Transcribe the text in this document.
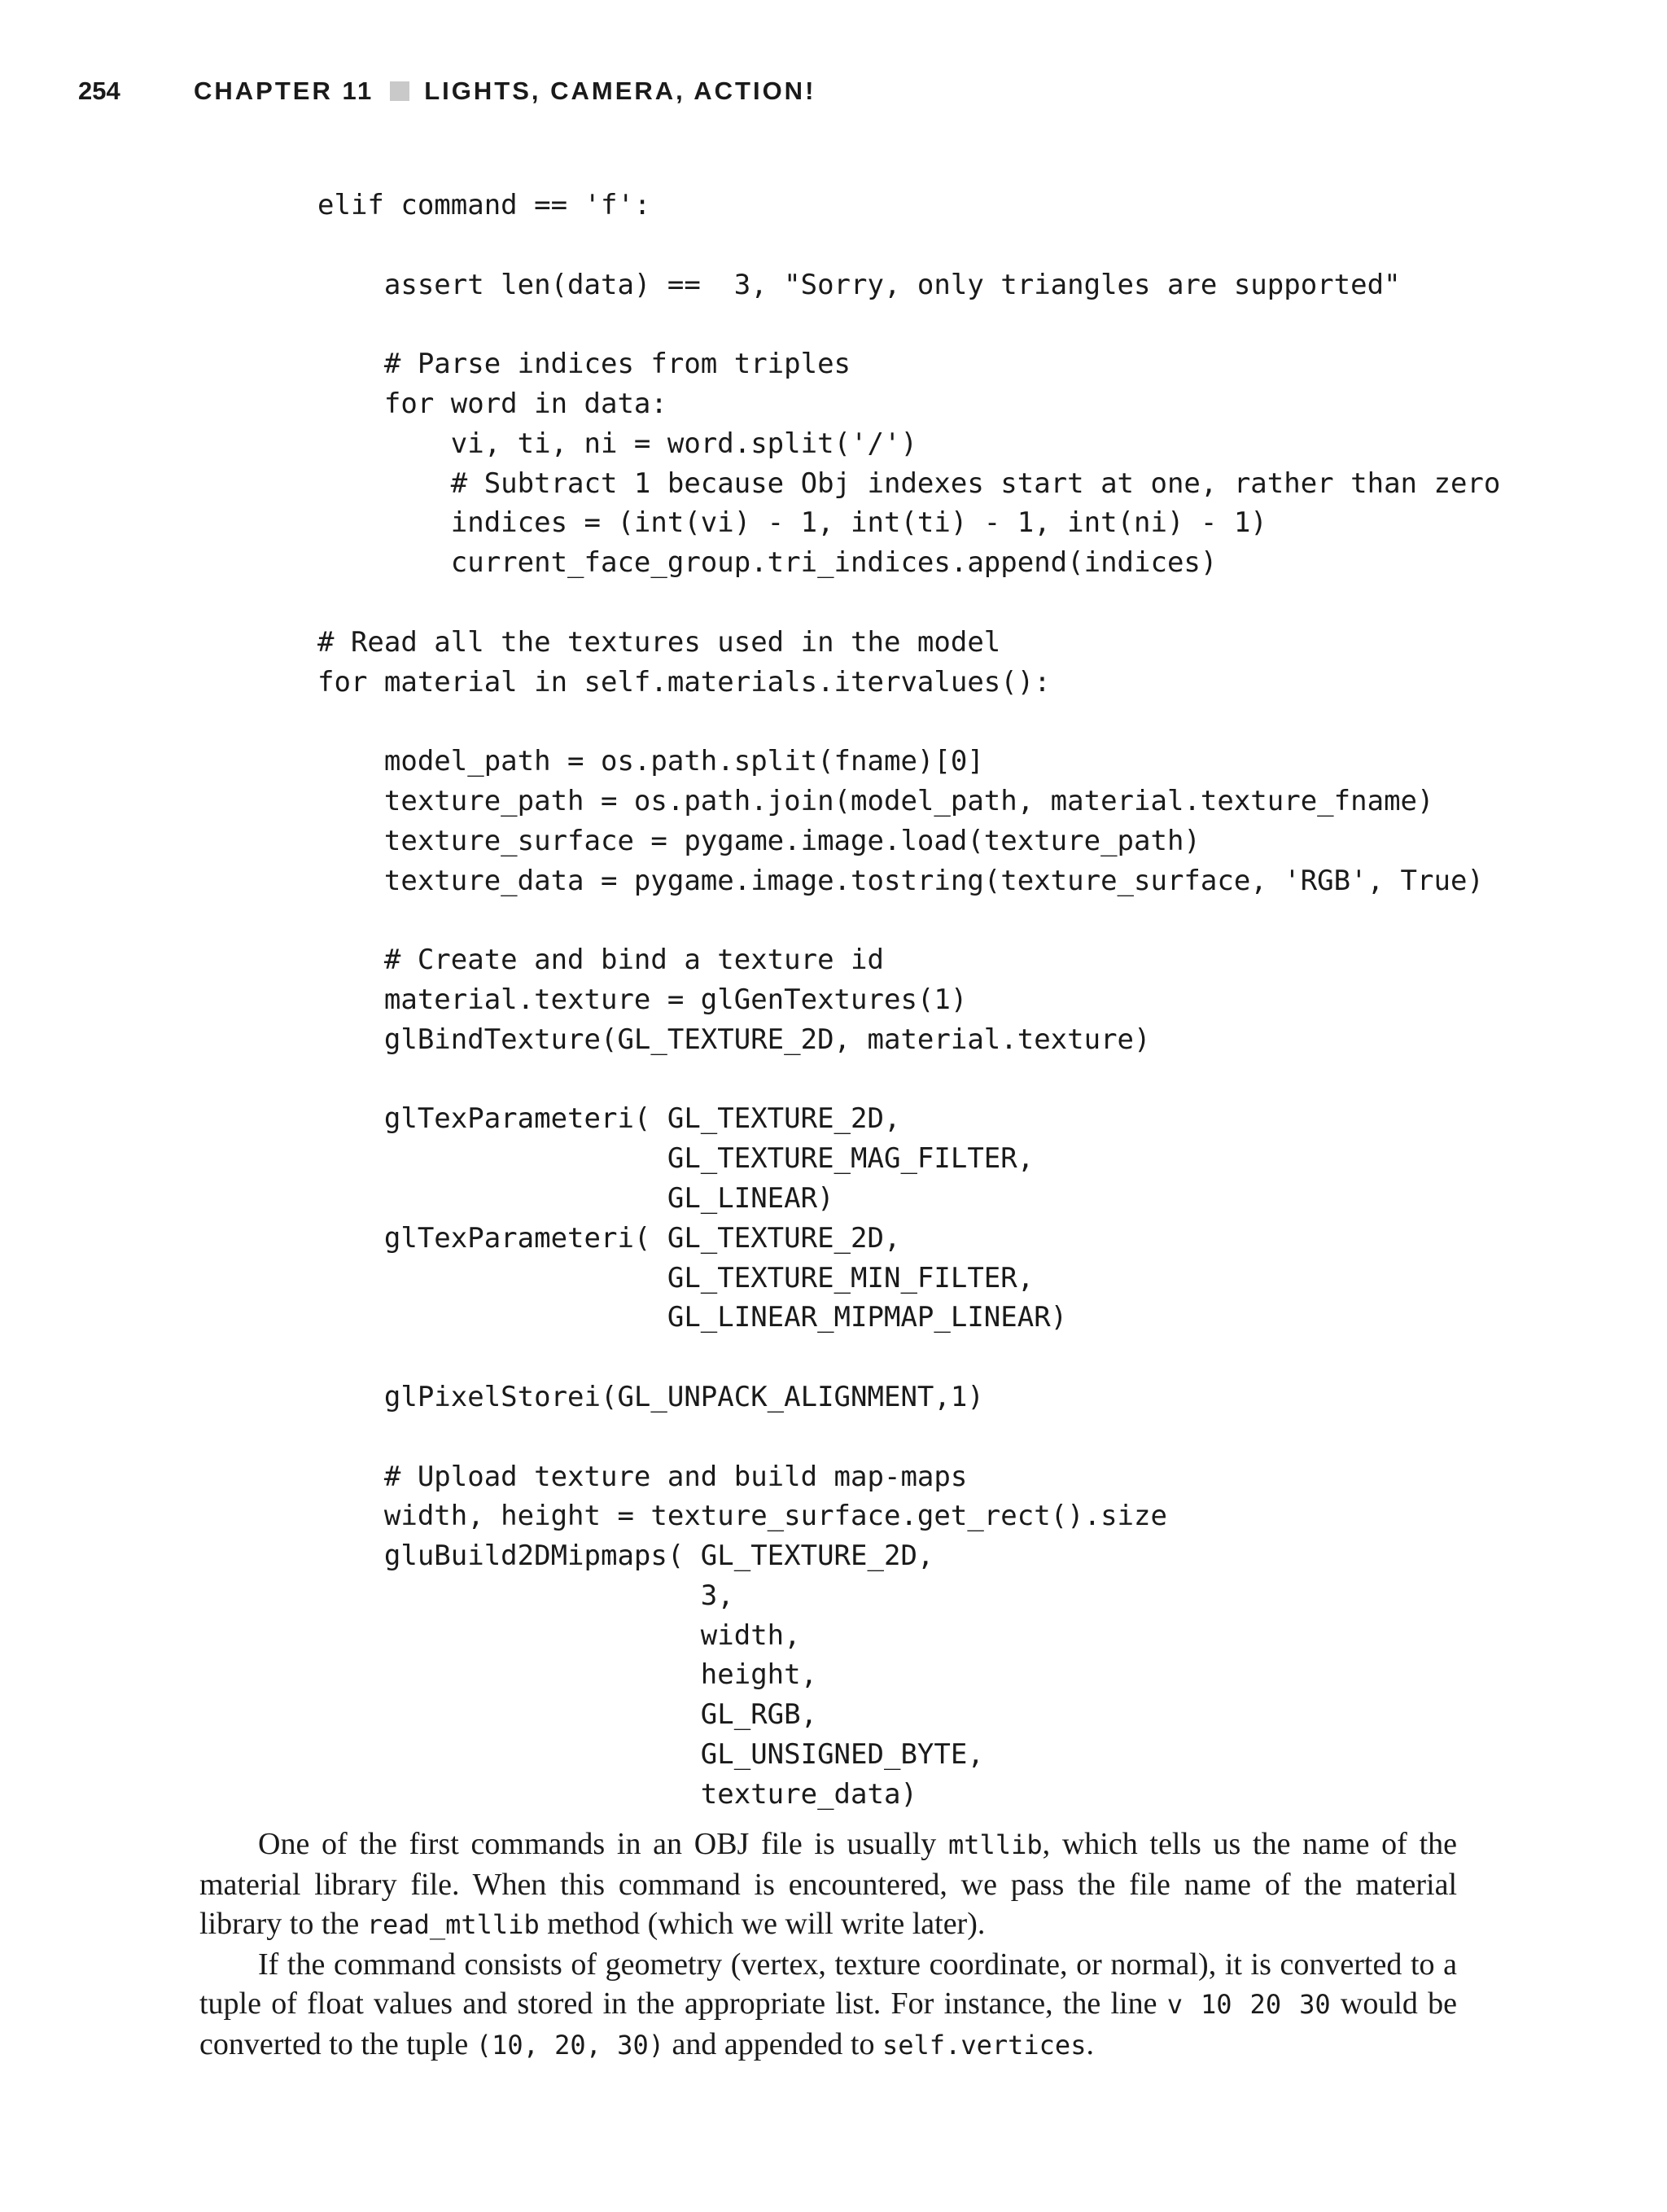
254	CHAPTER 11 LIGHTS, CAMERA, ACTION!
elif command == 'f':
assert len(data) ==  3, "Sorry, only triangles are supported"
# Parse indices from triples
for word in data:
vi, ti, ni = word.split('/')
# Subtract 1 because Obj indexes start at one, rather than zero
indices = (int(vi) - 1, int(ti) - 1, int(ni) - 1)
current_face_group.tri_indices.append(indices)
# Read all the textures used in the model
for material in self.materials.itervalues():
model_path = os.path.split(fname)[0]
texture_path = os.path.join(model_path, material.texture_fname)
texture_surface = pygame.image.load(texture_path)
texture_data = pygame.image.tostring(texture_surface, 'RGB', True)
# Create and bind a texture id
material.texture = glGenTextures(1)
glBindTexture(GL_TEXTURE_2D, material.texture)
glTexParameteri( GL_TEXTURE_2D,
GL_TEXTURE_MAG_FILTER,
GL_LINEAR)
glTexParameteri( GL_TEXTURE_2D,
GL_TEXTURE_MIN_FILTER,
GL_LINEAR_MIPMAP_LINEAR)
glPixelStorei(GL_UNPACK_ALIGNMENT,1)
# Upload texture and build map-maps
width, height = texture_surface.get_rect().size
gluBuild2DMipmaps( GL_TEXTURE_2D,
3,
width,
height,
GL_RGB,
GL_UNSIGNED_BYTE,
texture_data)

One of the first commands in an OBJ file is usually mtllib, which tells us the name of the material library file. When this command is encountered, we pass the file name of the material library to the read_mtllib method (which we will write later).

If the command consists of geometry (vertex, texture coordinate, or normal), it is converted to a tuple of float values and stored in the appropriate list. For instance, the line v 10 20 30 would be converted to the tuple (10, 20, 30) and appended to self.vertices.
